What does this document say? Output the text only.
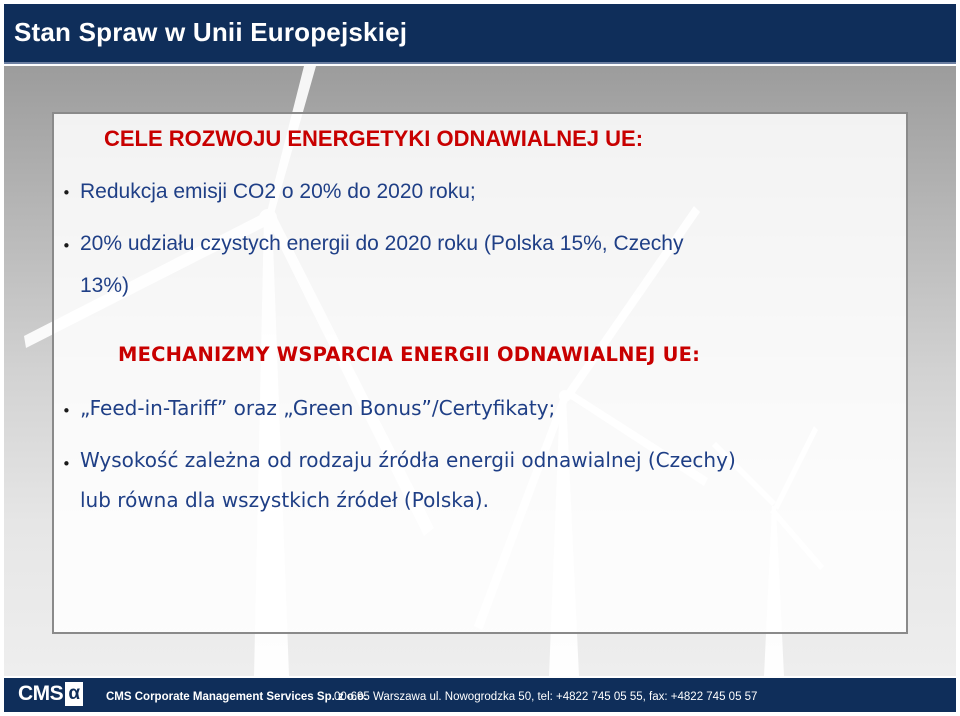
Stan Spraw w Unii Europejskiej
CELE ROZWOJU ENERGETYKI ODNAWIALNEJ UE:
• Redukcja emisji CO2 o 20% do 2020 roku;
• 20% udziału czystych energii do 2020 roku (Polska 15%, Czechy
13%)
MECHANIZMY WSPARCIA ENERGII ODNAWIALNEJ UE:
• „Feed-in-Tariff” oraz „Green Bonus”/Certyfikaty;
• Wysokość zależna od rodzaju źródła energii odnawialnej (Czechy)
lub równa dla wszystkich źródeł (Polska).
CMS α CMS Corporate Management Services Sp. z o.o.
00-695 Warszawa ul. Nowogrodzka 50, tel: +4822 745 05 55, fax: +4822 745 05 57
